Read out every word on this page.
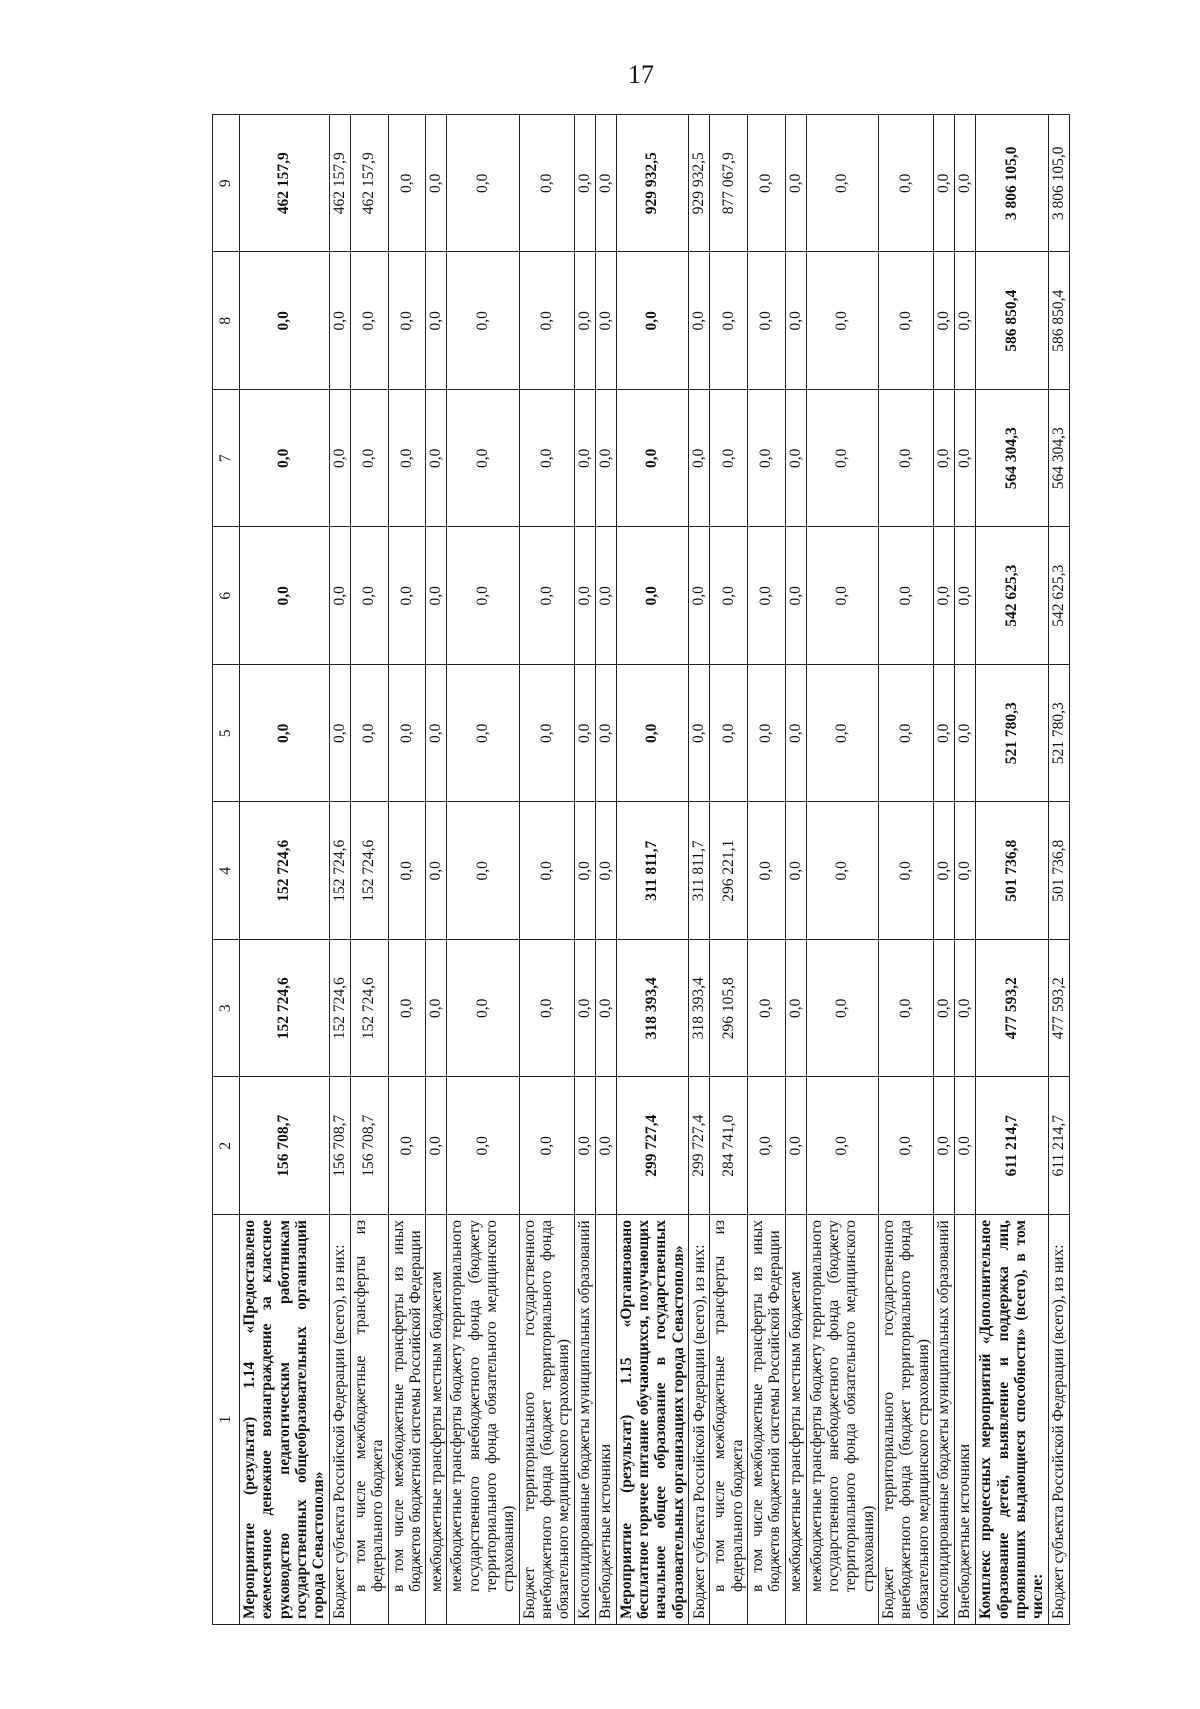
17
1	2	3	4	5	6	7	8	9
Мероприятие (результат) 1.14 «Предоставлено ежемесячное денежное вознаграждение за классное руководство педагогическим работникам государственных общеобразовательных организаций города Севастополя»	156 708,7	152 724,6	152 724,6	0,0	0,0	0,0	0,0	462 157,9
Бюджет субъекта Российской Федерации (всего), из них:	156 708,7	152 724,6	152 724,6	0,0	0,0	0,0	0,0	462 157,9
в том числе межбюджетные трансферты из федерального бюджета	156 708,7	152 724,6	152 724,6	0,0	0,0	0,0	0,0	462 157,9
в том числе межбюджетные трансферты из иных бюджетов бюджетной системы Российской Федерации	0,0	0,0	0,0	0,0	0,0	0,0	0,0	0,0
межбюджетные трансферты местным бюджетам	0,0	0,0	0,0	0,0	0,0	0,0	0,0	0,0
межбюджетные трансферты бюджету территориального государственного внебюджетного фонда (бюджету территориального фонда обязательного медицинского страхования)	0,0	0,0	0,0	0,0	0,0	0,0	0,0	0,0
Бюджет территориального государственного внебюджетного фонда (бюджет территориального фонда обязательного медицинского страхования)	0,0	0,0	0,0	0,0	0,0	0,0	0,0	0,0
Консолидированные бюджеты муниципальных образований	0,0	0,0	0,0	0,0	0,0	0,0	0,0	0,0
Внебюджетные источники	0,0	0,0	0,0	0,0	0,0	0,0	0,0	0,0
Мероприятие (результат) 1.15 «Организовано бесплатное горячее питание обучающихся, получающих начальное общее образование в государственных образовательных организациях города Севастополя»	299 727,4	318 393,4	311 811,7	0,0	0,0	0,0	0,0	929 932,5
Бюджет субъекта Российской Федерации (всего), из них:	299 727,4	318 393,4	311 811,7	0,0	0,0	0,0	0,0	929 932,5
в том числе межбюджетные трансферты из федерального бюджета	284 741,0	296 105,8	296 221,1	0,0	0,0	0,0	0,0	877 067,9
в том числе межбюджетные трансферты из иных бюджетов бюджетной системы Российской Федерации	0,0	0,0	0,0	0,0	0,0	0,0	0,0	0,0
межбюджетные трансферты местным бюджетам	0,0	0,0	0,0	0,0	0,0	0,0	0,0	0,0
межбюджетные трансферты бюджету территориального государственного внебюджетного фонда (бюджету территориального фонда обязательного медицинского страхования)	0,0	0,0	0,0	0,0	0,0	0,0	0,0	0,0
Бюджет территориального государственного внебюджетного фонда (бюджет территориального фонда обязательного медицинского страхования)	0,0	0,0	0,0	0,0	0,0	0,0	0,0	0,0
Консолидированные бюджеты муниципальных образований	0,0	0,0	0,0	0,0	0,0	0,0	0,0	0,0
Внебюджетные источники	0,0	0,0	0,0	0,0	0,0	0,0	0,0	0,0
Комплекс процессных мероприятий «Дополнительное образование детей, выявление и поддержка лиц, проявивших выдающиеся способности» (всего), в том числе:	611 214,7	477 593,2	501 736,8	521 780,3	542 625,3	564 304,3	586 850,4	3 806 105,0
Бюджет субъекта Российской Федерации (всего), из них:	611 214,7	477 593,2	501 736,8	521 780,3	542 625,3	564 304,3	586 850,4	3 806 105,0
